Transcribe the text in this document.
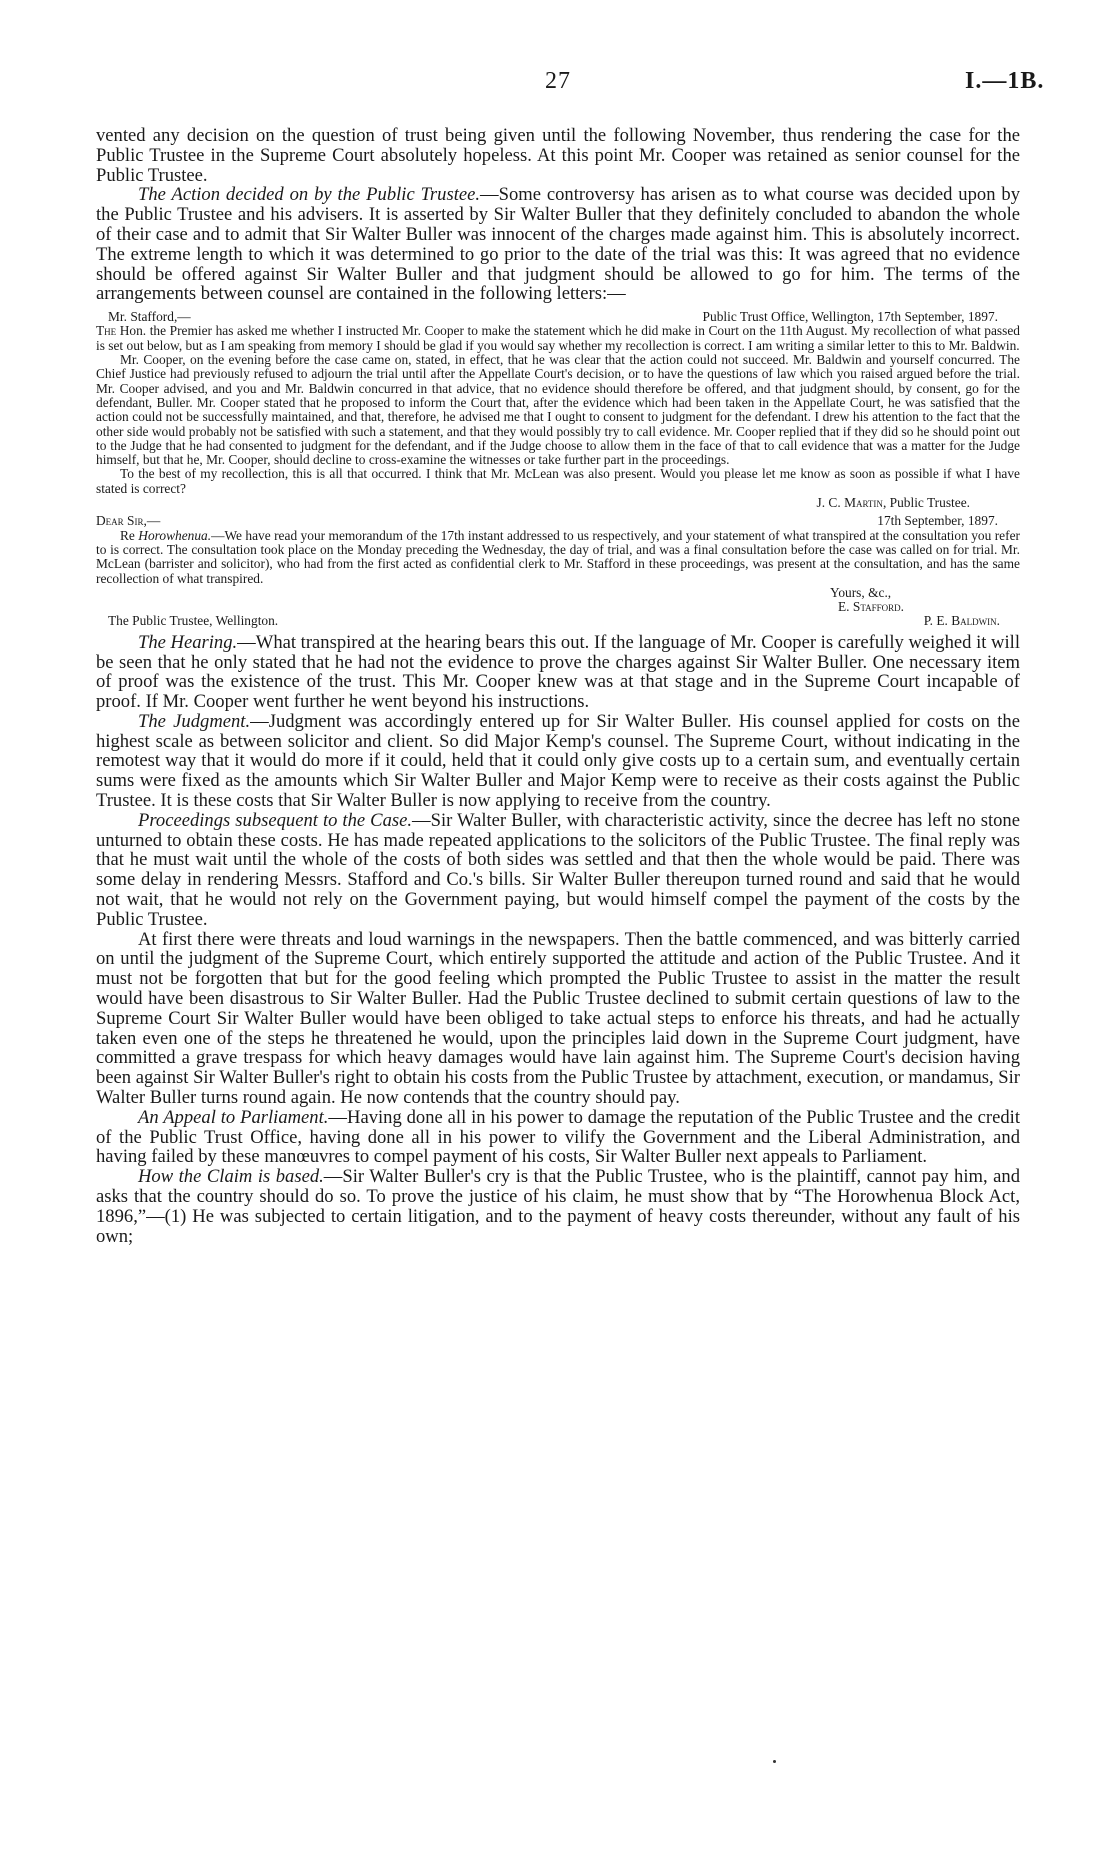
27	I.—1B.

vented any decision on the question of trust being given until the following November, thus rendering the case for the Public Trustee in the Supreme Court absolutely hopeless. At this point Mr. Cooper was retained as senior counsel for the Public Trustee.

The Action decided on by the Public Trustee.—Some controversy has arisen as to what course was decided upon by the Public Trustee and his advisers. It is asserted by Sir Walter Buller that they definitely concluded to abandon the whole of their case and to admit that Sir Walter Buller was innocent of the charges made against him. This is absolutely incorrect. The extreme length to which it was determined to go prior to the date of the trial was this: It was agreed that no evidence should be offered against Sir Walter Buller and that judgment should be allowed to go for him. The terms of the arrangements between counsel are contained in the following letters:—

Mr. Stafford,—	Public Trust Office, Wellington, 17th September, 1897.

The Hon. the Premier has asked me whether I instructed Mr. Cooper to make the statement which he did make in Court on the 11th August. My recollection of what passed is set out below, but as I am speaking from memory I should be glad if you would say whether my recollection is correct. I am writing a similar letter to this to Mr. Baldwin.

Mr. Cooper, on the evening before the case came on, stated, in effect, that he was clear that the action could not succeed. Mr. Baldwin and yourself concurred. The Chief Justice had previously refused to adjourn the trial until after the Appellate Court's decision, or to have the questions of law which you raised argued before the trial. Mr. Cooper advised, and you and Mr. Baldwin concurred in that advice, that no evidence should therefore be offered, and that judgment should, by consent, go for the defendant, Buller. Mr. Cooper stated that he proposed to inform the Court that, after the evidence which had been taken in the Appellate Court, he was satisfied that the action could not be successfully maintained, and that, therefore, he advised me that I ought to consent to judgment for the defendant. I drew his attention to the fact that the other side would probably not be satisfied with such a statement, and that they would possibly try to call evidence. Mr. Cooper replied that if they did so he should point out to the Judge that he had consented to judgment for the defendant, and if the Judge choose to allow them in the face of that to call evidence that was a matter for the Judge himself, but that he, Mr. Cooper, should decline to cross-examine the witnesses or take further part in the proceedings.

To the best of my recollection, this is all that occurred. I think that Mr. McLean was also present. Would you please let me know as soon as possible if what I have stated is correct?

J. C. Martin, Public Trustee.
Dear Sir,—	17th September, 1897.

Re Horowhenua.—We have read your memorandum of the 17th instant addressed to us respectively, and your statement of what transpired at the consultation you refer to is correct. The consultation took place on the Monday preceding the Wednesday, the day of trial, and was a final consultation before the case was called on for trial. Mr. McLean (barrister and solicitor), who had from the first acted as confidential clerk to Mr. Stafford in these proceedings, was present at the consultation, and has the same recollection of what transpired.

Yours, &c.,
E. Stafford.
The Public Trustee, Wellington.	P. E. Baldwin.

The Hearing.—What transpired at the hearing bears this out. If the language of Mr. Cooper is carefully weighed it will be seen that he only stated that he had not the evidence to prove the charges against Sir Walter Buller. One necessary item of proof was the existence of the trust. This Mr. Cooper knew was at that stage and in the Supreme Court incapable of proof. If Mr. Cooper went further he went beyond his instructions.

The Judgment.—Judgment was accordingly entered up for Sir Walter Buller. His counsel applied for costs on the highest scale as between solicitor and client. So did Major Kemp's counsel. The Supreme Court, without indicating in the remotest way that it would do more if it could, held that it could only give costs up to a certain sum, and eventually certain sums were fixed as the amounts which Sir Walter Buller and Major Kemp were to receive as their costs against the Public Trustee. It is these costs that Sir Walter Buller is now applying to receive from the country.

Proceedings subsequent to the Case.—Sir Walter Buller, with characteristic activity, since the decree has left no stone unturned to obtain these costs. He has made repeated applications to the solicitors of the Public Trustee. The final reply was that he must wait until the whole of the costs of both sides was settled and that then the whole would be paid. There was some delay in rendering Messrs. Stafford and Co.'s bills. Sir Walter Buller thereupon turned round and said that he would not wait, that he would not rely on the Government paying, but would himself compel the payment of the costs by the Public Trustee.

At first there were threats and loud warnings in the newspapers. Then the battle commenced, and was bitterly carried on until the judgment of the Supreme Court, which entirely supported the attitude and action of the Public Trustee. And it must not be forgotten that but for the good feeling which prompted the Public Trustee to assist in the matter the result would have been disastrous to Sir Walter Buller. Had the Public Trustee declined to submit certain questions of law to the Supreme Court Sir Walter Buller would have been obliged to take actual steps to enforce his threats, and had he actually taken even one of the steps he threatened he would, upon the principles laid down in the Supreme Court judgment, have committed a grave trespass for which heavy damages would have lain against him. The Supreme Court's decision having been against Sir Walter Buller's right to obtain his costs from the Public Trustee by attachment, execution, or mandamus, Sir Walter Buller turns round again. He now contends that the country should pay.

An Appeal to Parliament.—Having done all in his power to damage the reputation of the Public Trustee and the credit of the Public Trust Office, having done all in his power to vilify the Government and the Liberal Administration, and having failed by these manœuvres to compel payment of his costs, Sir Walter Buller next appeals to Parliament.

How the Claim is based.—Sir Walter Buller's cry is that the Public Trustee, who is the plaintiff, cannot pay him, and asks that the country should do so. To prove the justice of his claim, he must show that by “The Horowhenua Block Act, 1896,”—(1) He was subjected to certain litigation, and to the payment of heavy costs thereunder, without any fault of his own;
